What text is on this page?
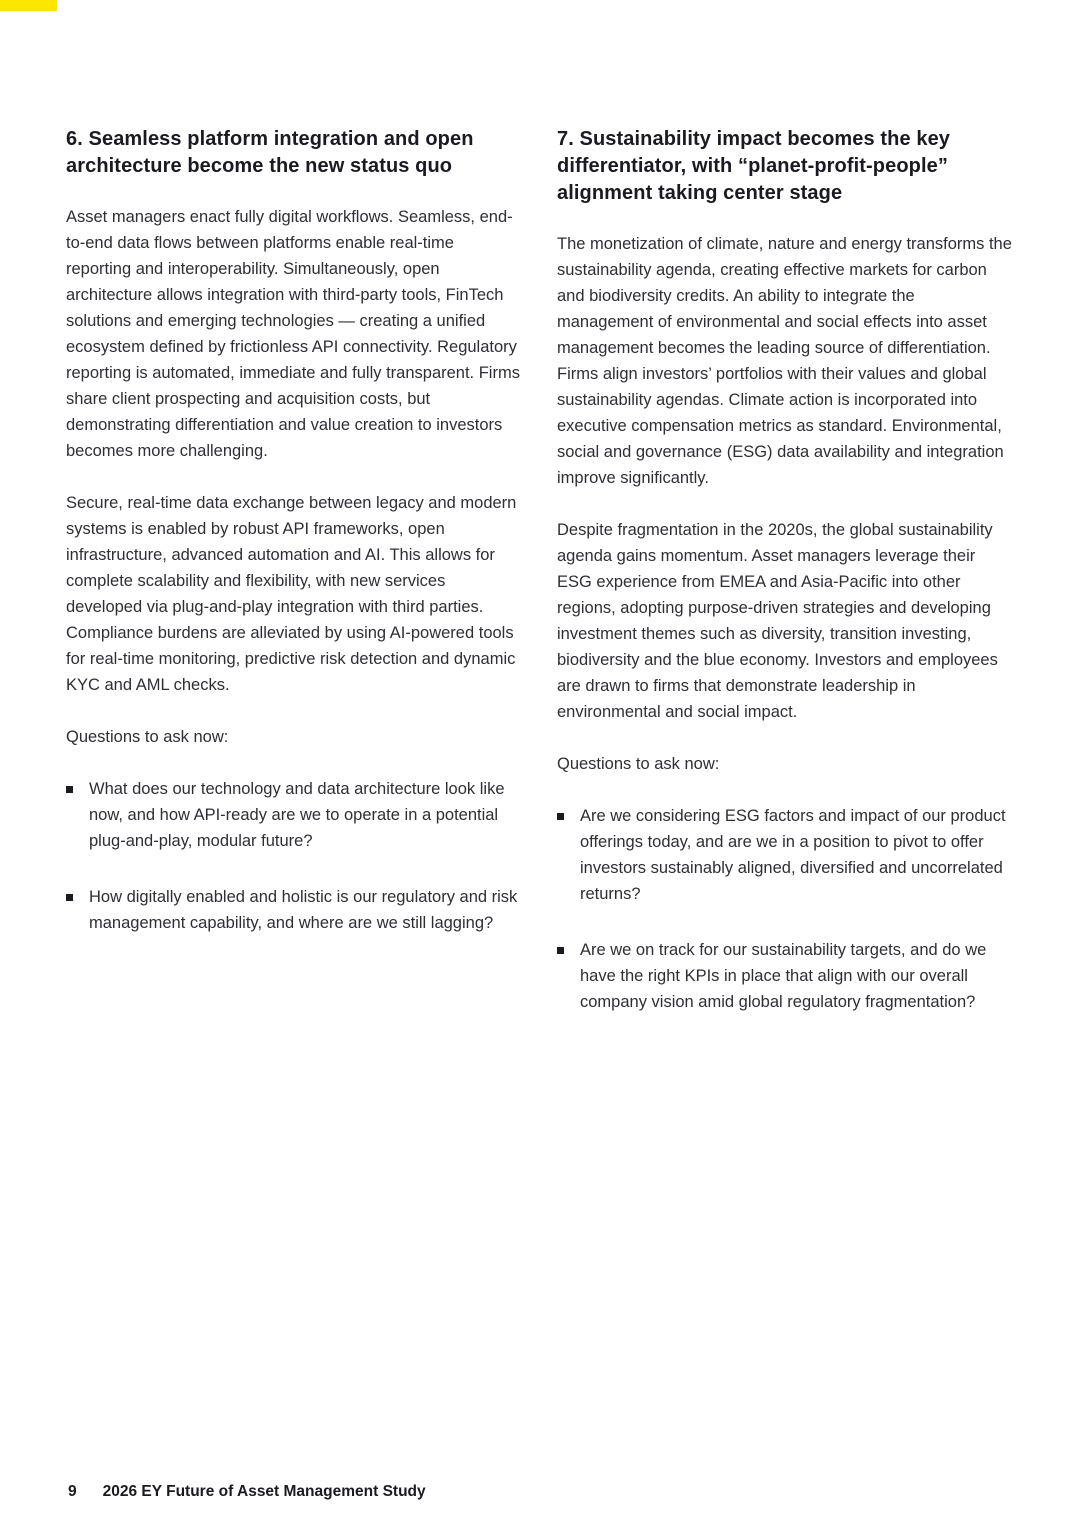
6. Seamless platform integration and open architecture become the new status quo

Asset managers enact fully digital workflows. Seamless, end-to-end data flows between platforms enable real-time reporting and interoperability. Simultaneously, open architecture allows integration with third-party tools, FinTech solutions and emerging technologies — creating a unified ecosystem defined by frictionless API connectivity. Regulatory reporting is automated, immediate and fully transparent. Firms share client prospecting and acquisition costs, but demonstrating differentiation and value creation to investors becomes more challenging.

Secure, real-time data exchange between legacy and modern systems is enabled by robust API frameworks, open infrastructure, advanced automation and AI. This allows for complete scalability and flexibility, with new services developed via plug-and-play integration with third parties. Compliance burdens are alleviated by using AI-powered tools for real-time monitoring, predictive risk detection and dynamic KYC and AML checks.

Questions to ask now:

What does our technology and data architecture look like now, and how API-ready are we to operate in a potential plug-and-play, modular future?
How digitally enabled and holistic is our regulatory and risk management capability, and where are we still lagging?
7. Sustainability impact becomes the key differentiator, with “planet-profit-people” alignment taking center stage

The monetization of climate, nature and energy transforms the sustainability agenda, creating effective markets for carbon and biodiversity credits. An ability to integrate the management of environmental and social effects into asset management becomes the leading source of differentiation. Firms align investors’ portfolios with their values and global sustainability agendas. Climate action is incorporated into executive compensation metrics as standard. Environmental, social and governance (ESG) data availability and integration improve significantly.

Despite fragmentation in the 2020s, the global sustainability agenda gains momentum. Asset managers leverage their ESG experience from EMEA and Asia-Pacific into other regions, adopting purpose-driven strategies and developing investment themes such as diversity, transition investing, biodiversity and the blue economy. Investors and employees are drawn to firms that demonstrate leadership in environmental and social impact.

Questions to ask now:

Are we considering ESG factors and impact of our product offerings today, and are we in a position to pivot to offer investors sustainably aligned, diversified and uncorrelated returns?
Are we on track for our sustainability targets, and do we have the right KPIs in place that align with our overall company vision amid global regulatory fragmentation?
9 2026 EY Future of Asset Management Study
